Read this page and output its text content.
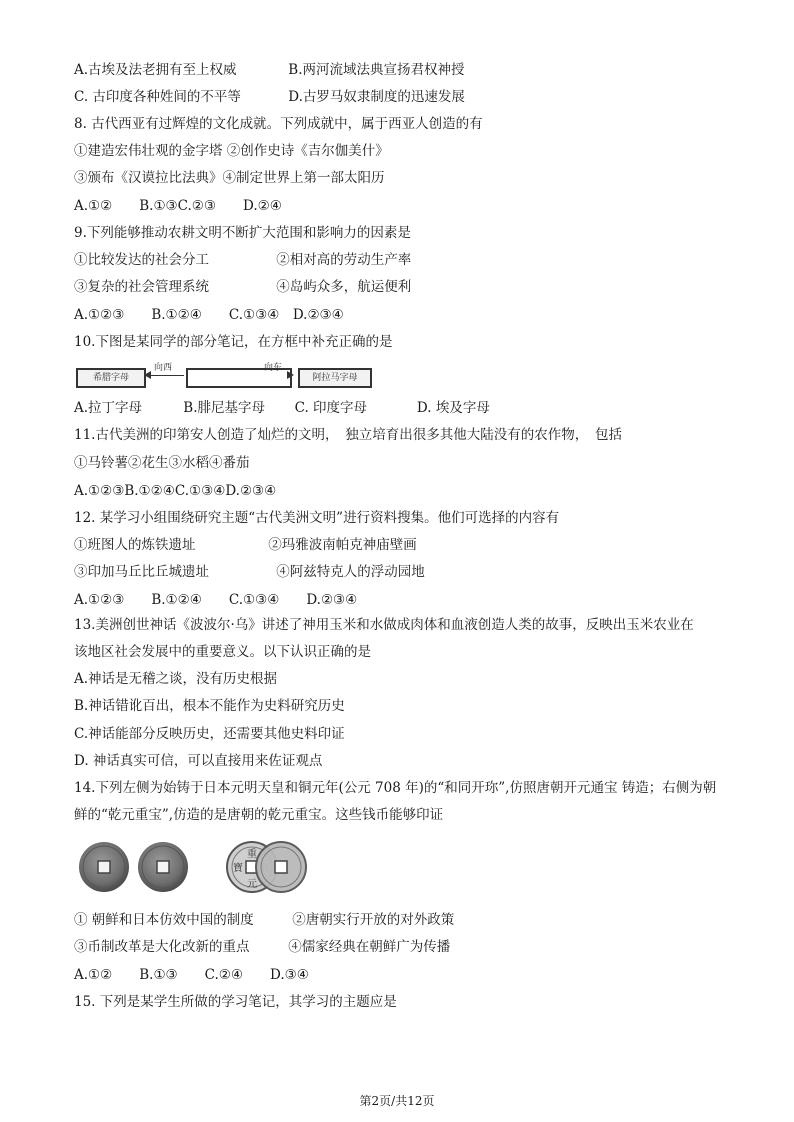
A.古埃及法老拥有至上权威	B.两河流域法典宣扬君权神授
C. 古印度各种姓间的不平等	D.古罗马奴隶制度的迅速发展
8. 古代西亚有过辉煌的文化成就。下列成就中，属于西亚人创造的有
①建造宏伟壮观的金字塔 ②创作史诗《吉尔伽美什》
③颁布《汉谟拉比法典》④制定世界上第一部太阳历
A.①②　　B.①③C.②③　　D.②④
9.下列能够推动农耕文明不断扩大范围和影响力的因素是
①比较发达的社会分工	②相对高的劳动生产率
③复杂的社会管理系统	④岛屿众多，航运便利
A.①②③　　B.①②④　　C.①③④　D.②③④
10.下图是某同学的部分笔记，在方框中补充正确的是
希腊字母
向西	向东
阿拉马字母
A.拉丁字母	B.腓尼基字母 C. 印度字母	D. 埃及字母
11.古代美洲的印第安人创造了灿烂的文明，　独立培育出很多其他大陆没有的农作物，　包括
①马铃薯②花生③水稻④番茄
A.①②③B.①②④C.①③④D.②③④
12. 某学习小组围绕研究主题“古代美洲文明”进行资料搜集。他们可选择的内容有
①班图人的炼铁遗址	②玛雅波南帕克神庙壁画
③印加马丘比丘城遗址	④阿兹特克人的浮动园地
A.①②③　　B.①②④　　C.①③④　　D.②③④
13.美洲创世神话《波波尔·乌》讲述了神用玉米和水做成肉体和血液创造人类的故事，反映出玉米农业在
该地区社会发展中的重要意义。以下认识正确的是
A.神话是无稽之谈，没有历史根据
B.神话错讹百出，根本不能作为史料研究历史
C.神话能部分反映历史，还需要其他史料印证
D. 神话真实可信，可以直接用来佐证观点
14.下列左侧为始铸于日本元明天皇和铜元年(公元 708 年)的“和同开珎”,仿照唐朝开元通宝 铸造；右侧为朝
鲜的“乾元重宝”,仿造的是唐朝的乾元重宝。这些钱币能够印证
重
寶
元
① 朝鲜和日本仿效中国的制度	②唐朝实行开放的对外政策
③币制改革是大化改新的重点	④儒家经典在朝鲜广为传播
A.①②　　B.①③　　C.②④　　D.③④
15. 下列是某学生所做的学习笔记，其学习的主题应是
第2页/共12页
